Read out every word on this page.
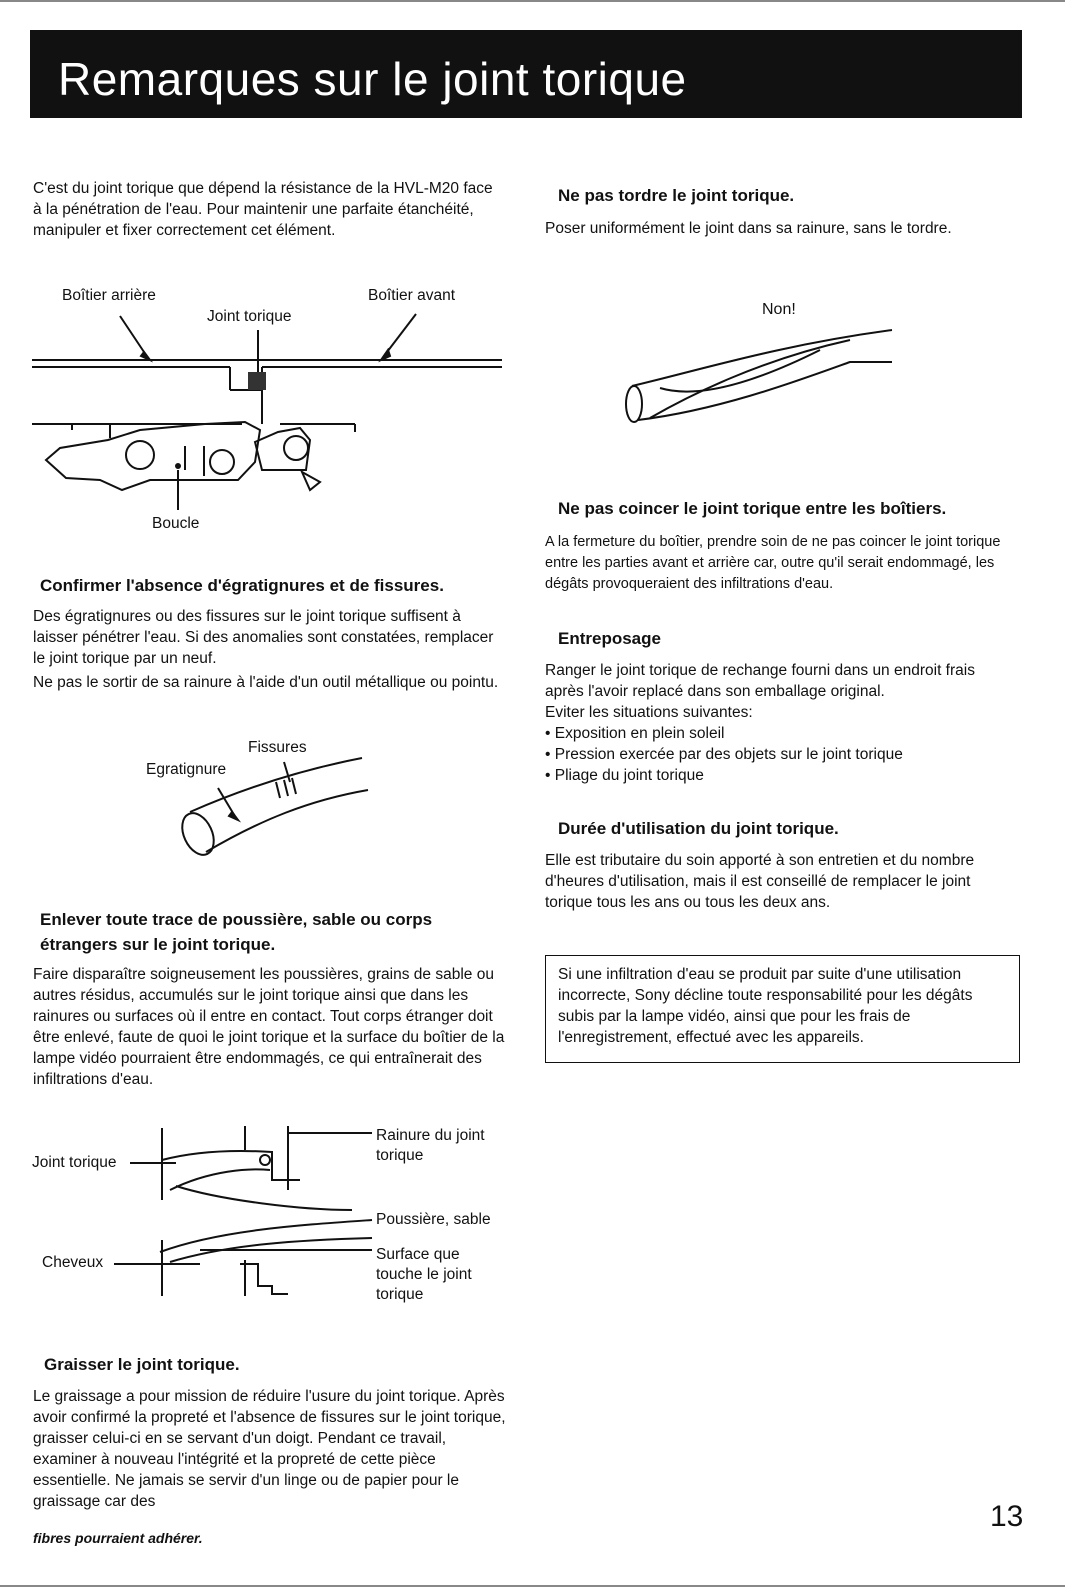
Remarques sur le joint torique

C'est du joint torique que dépend la résistance de la HVL-M20 face à la pénétration de l'eau. Pour maintenir une parfaite étanchéité, manipuler et fixer correctement cet élément.

Boîtier arrière
Joint torique
Boîtier avant
Boucle
Confirmer l'absence d'égratignures et de fissures.

Des égratignures ou des fissures sur le joint torique suffisent à laisser pénétrer l'eau. Si des anomalies sont constatées, remplacer le joint torique par un neuf.

Ne pas le sortir de sa rainure à l'aide d'un outil métallique ou pointu.

Fissures
Egratignure
Enlever toute trace de poussière, sable ou corps étrangers sur le joint torique.

Faire disparaître soigneusement les poussières, grains de sable ou autres résidus, accumulés sur le joint torique ainsi que dans les rainures ou surfaces où il entre en contact. Tout corps étranger doit être enlevé, faute de quoi le joint torique et la surface du boîtier de la lampe vidéo pourraient être endommagés, ce qui entraînerait des infiltrations d'eau.

Joint torique
Rainure du joint torique
Poussière, sable
Cheveux	Surface que touche le joint torique
Graisser le joint torique.

Le graissage a pour mission de réduire l'usure du joint torique. Après avoir confirmé la propreté et l'absence de fissures sur le joint torique, graisser celui-ci en se servant d'un doigt. Pendant ce travail, examiner à nouveau l'intégrité et la propreté de cette pièce essentielle. Ne jamais se servir d'un linge ou de papier pour le graissage car des

fibres pourraient adhérer.

Ne pas tordre le joint torique.

Poser uniformément le joint dans sa rainure, sans le tordre.

Non!
Ne pas coincer le joint torique entre les boîtiers.

A la fermeture du boîtier, prendre soin de ne pas coincer le joint torique entre les parties avant et arrière car, outre qu'il serait endommagé, les dégâts provoqueraient des infiltrations d'eau.

Entreposage

Ranger le joint torique de rechange fourni dans un endroit frais après l'avoir replacé dans son emballage original.

Eviter les situations suivantes:

• Exposition en plein soleil
• Pression exercée par des objets sur le joint torique
• Pliage du joint torique
Durée d'utilisation du joint torique.

Elle est tributaire du soin apporté à son entretien et du nombre d'heures d'utilisation, mais il est conseillé de remplacer le joint torique tous les ans ou tous les deux ans.

Si une infiltration d'eau se produit par suite d'une utilisation incorrecte, Sony décline toute responsabilité pour les dégâts subis par la lampe vidéo, ainsi que pour les frais de l'enregistrement, effectué avec les appareils.
13
